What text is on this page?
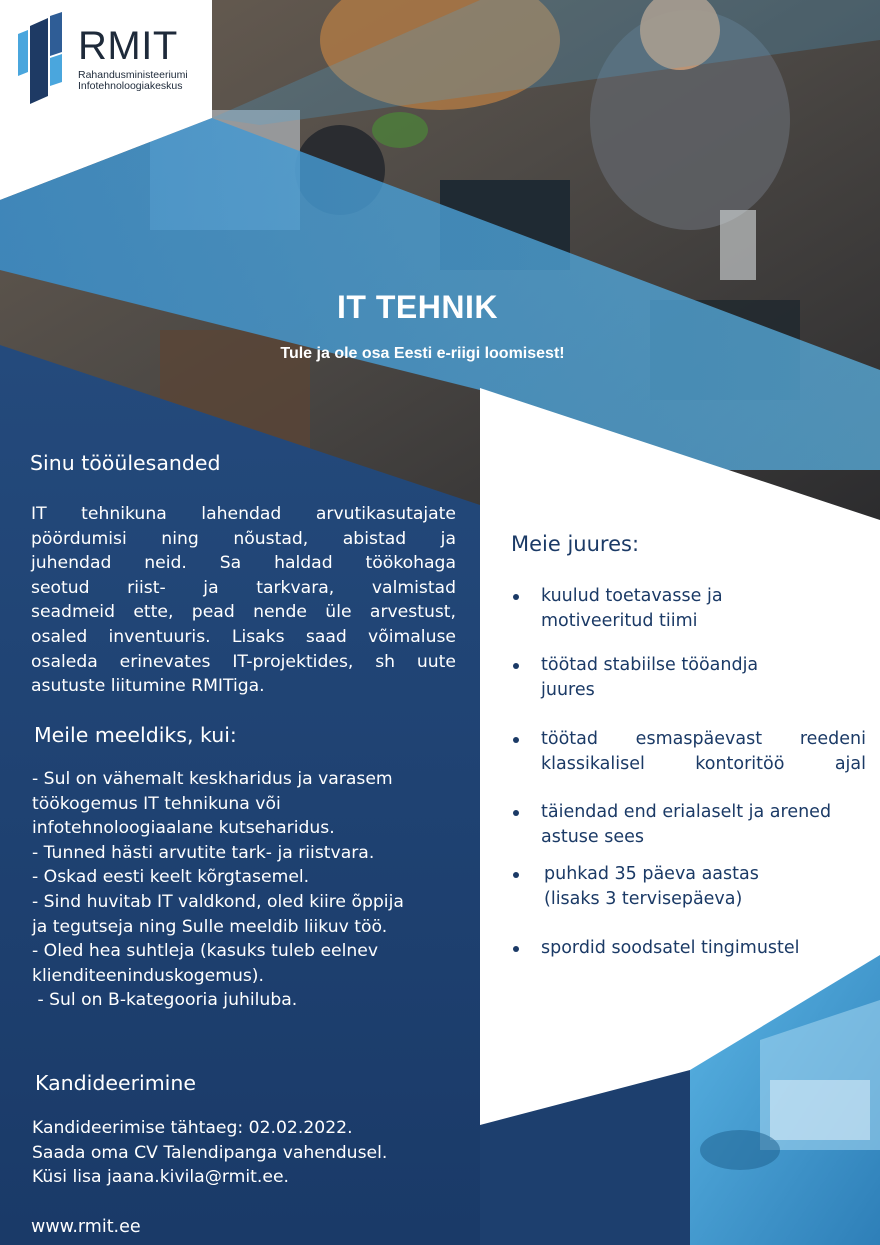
RMIT
Rahandusministeeriumi
Infotehnoloogiakeskus
IT TEHNIK
Tule ja ole osa Eesti e-riigi loomisest!
Sinu tööülesanded
IT tehnikuna lahendad arvutikasutajate
pöördumisi ning nõustad, abistad ja
juhendad neid. Sa haldad töökohaga
seotud riist- ja tarkvara, valmistad
seadmeid ette, pead nende üle arvestust,
osaled inventuuris. Lisaks saad võimaluse
osaleda erinevates IT-projektides, sh uute
asutuste liitumine RMITiga.
Meile meeldiks, kui:
- Sul on vähemalt keskharidus ja varasem
töökogemus IT tehnikuna või
infotehnoloogiaalane kutseharidus.
- Tunned hästi arvutite tark- ja riistvara.
- Oskad eesti keelt kõrgtasemel.
- Sind huvitab IT valdkond, oled kiire õppija
ja tegutseja ning Sulle meeldib liikuv töö.
- Oled hea suhtleja (kasuks tuleb eelnev
klienditeeninduskogemus).
- Sul on B-kategooria juhiluba.
Kandideerimine
Kandideerimise tähtaeg: 02.02.2022.
Saada oma CV Talendipanga vahendusel.
Küsi lisa jaana.kivila@rmit.ee.
www.rmit.ee
Meie juures:
kuulud toetavasse ja
motiveeritud tiimi
töötad stabiilse tööandja
juures
töötad esmaspäevast reedeni
klassikalisel kontoritöö ajal
täiendad end erialaselt ja arened
astuse sees
puhkad 35 päeva aastas
(lisaks 3 tervisepäeva)
spordid soodsatel tingimustel
